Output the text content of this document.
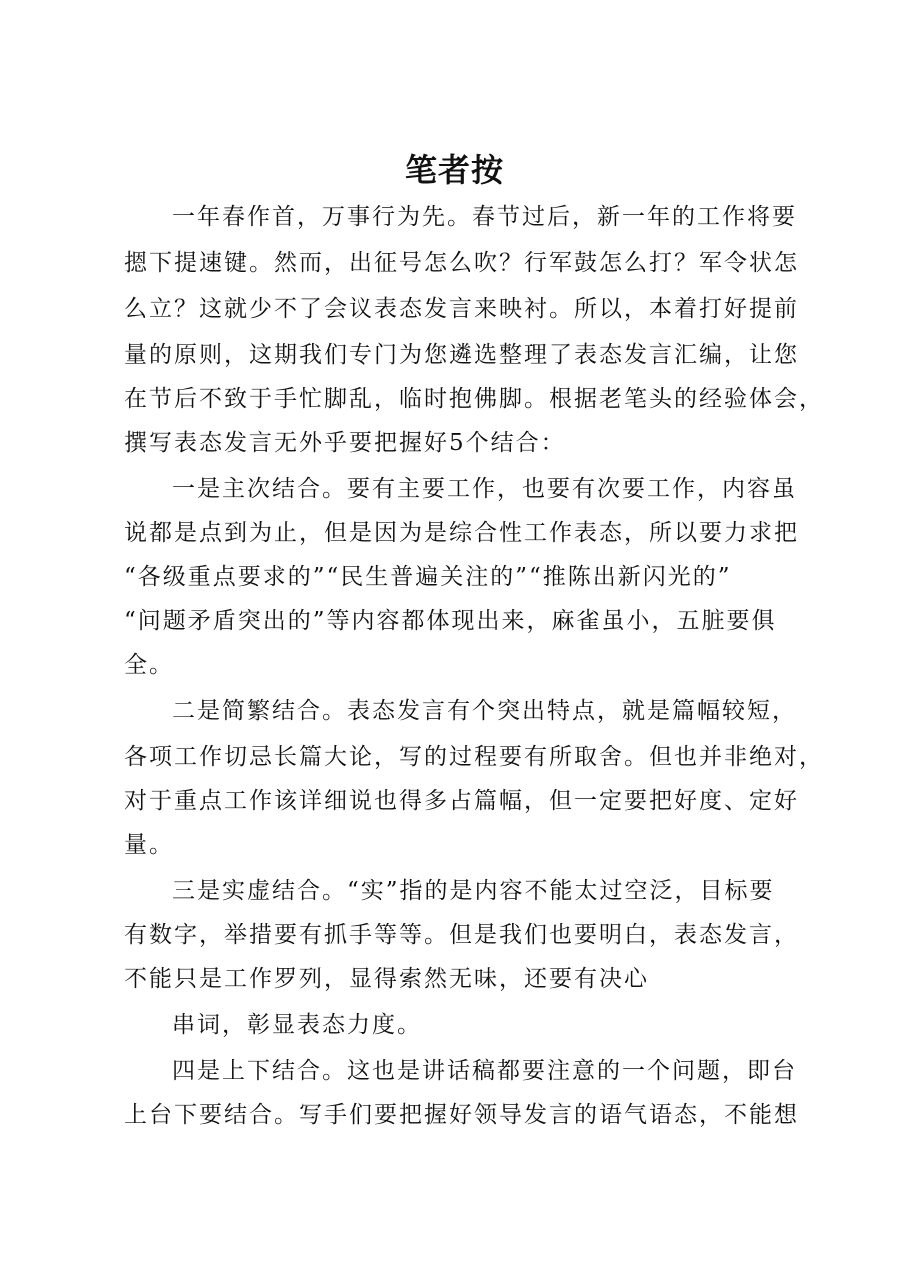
笔者按
一年春作首，万事行为先。春节过后，新一年的工作将要
摁下提速键。然而，出征号怎么吹？行军鼓怎么打？军令状怎
么立？这就少不了会议表态发言来映衬。所以，本着打好提前
量的原则，这期我们专门为您遴选整理了表态发言汇编，让您
在节后不致于手忙脚乱，临时抱佛脚。根据老笔头的经验体会，
撰写表态发言无外乎要把握好5个结合：
一是主次结合。要有主要工作，也要有次要工作，内容虽
说都是点到为止，但是因为是综合性工作表态，所以要力求把
“各级重点要求的”“民生普遍关注的”“推陈出新闪光的”
“问题矛盾突出的”等内容都体现出来，麻雀虽小，五脏要俱
全。
二是简繁结合。表态发言有个突出特点，就是篇幅较短，
各项工作切忌长篇大论，写的过程要有所取舍。但也并非绝对，
对于重点工作该详细说也得多占篇幅，但一定要把好度、定好
量。
三是实虚结合。“实”指的是内容不能太过空泛，目标要
有数字，举措要有抓手等等。但是我们也要明白，表态发言，
不能只是工作罗列，显得索然无味，还要有决心
串词，彰显表态力度。
四是上下结合。这也是讲话稿都要注意的一个问题，即台
上台下要结合。写手们要把握好领导发言的语气语态，不能想
